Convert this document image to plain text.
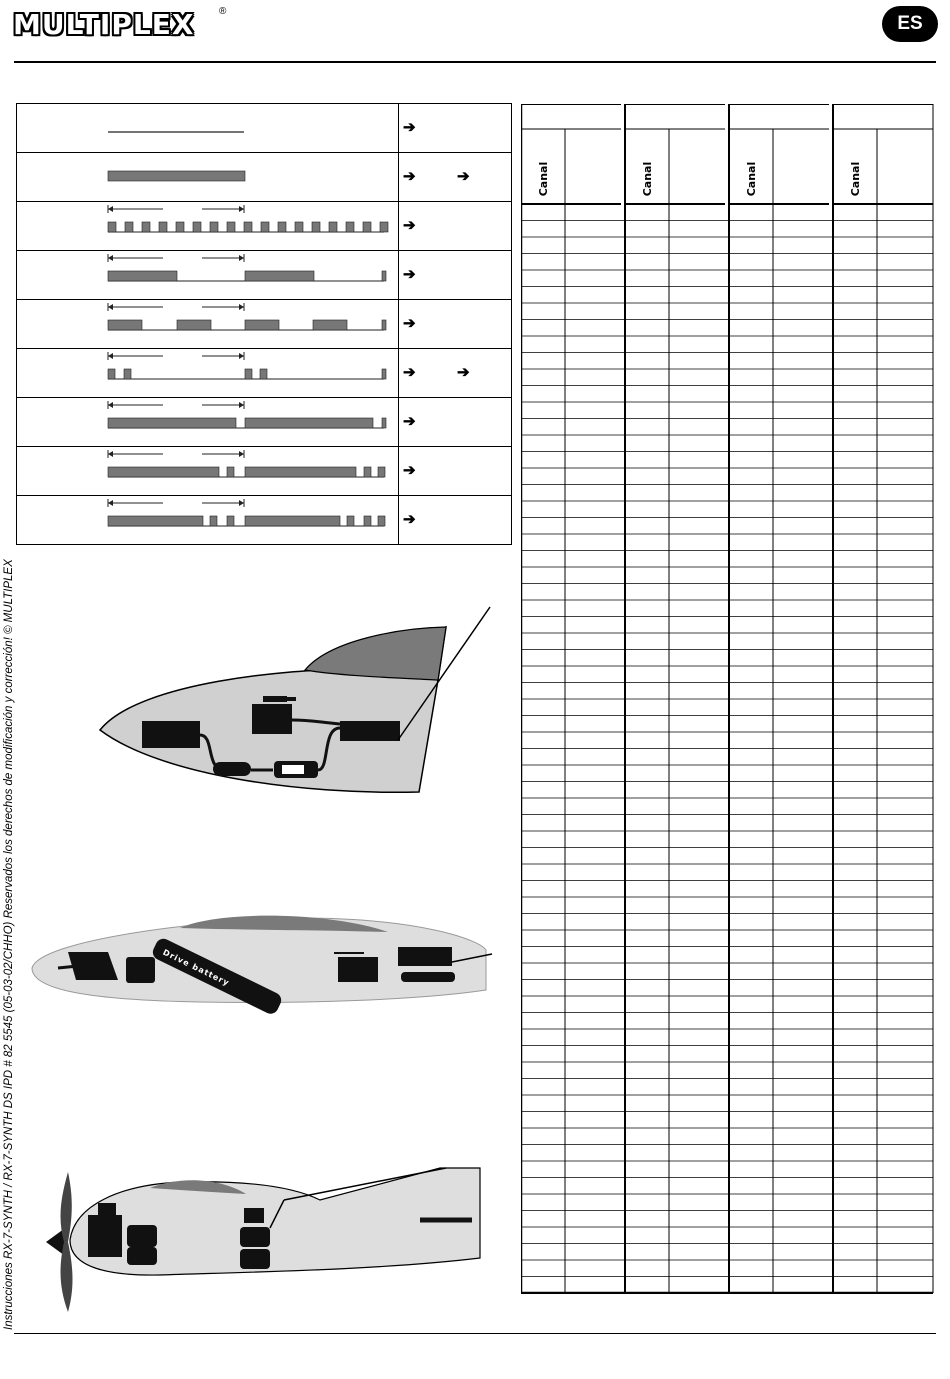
MULTIPLEX ®
ES
Instrucciones RX-7-SYNTH / RX-7-SYNTH DS IPD # 82 5545 (05-03-02/CHHO) Reservados los derechos de modificación y corrección! © MULTIPLEX
➔
➔	➔
➔
➔
➔
➔	➔
➔
➔
➔
Drive battery
Canal	Canal	Canal	Canal
